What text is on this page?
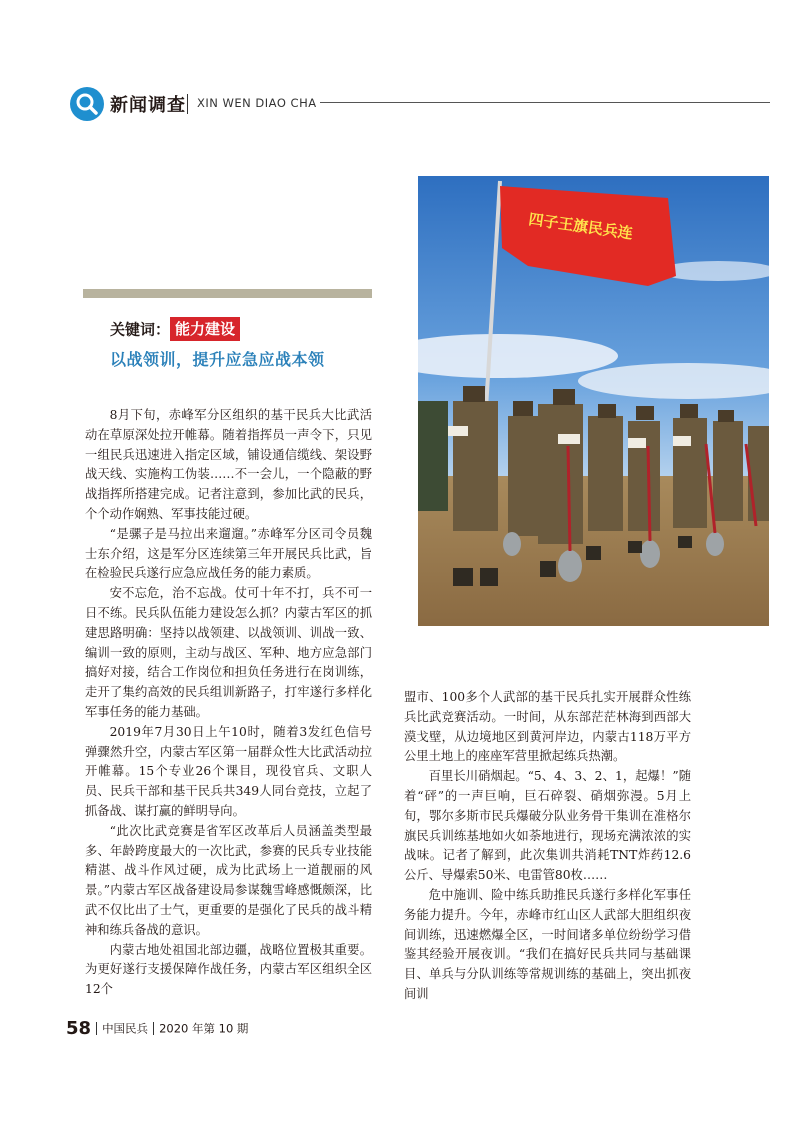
新闻调查 XIN WEN DIAO CHA
四子王旗民兵连
关键词： 能力建设
以战领训，提升应急应战本领

8月下旬，赤峰军分区组织的基干民兵大比武活动在草原深处拉开帷幕。随着指挥员一声令下，只见一组民兵迅速进入指定区域，铺设通信缆线、架设野战天线、实施构工伪装……不一会儿，一个隐蔽的野战指挥所搭建完成。记者注意到，参加比武的民兵，个个动作娴熟、军事技能过硬。

“是骡子是马拉出来遛遛。”赤峰军分区司令员魏士东介绍，这是军分区连续第三年开展民兵比武，旨在检验民兵遂行应急应战任务的能力素质。

安不忘危，治不忘战。仗可十年不打，兵不可一日不练。民兵队伍能力建设怎么抓？内蒙古军区的抓建思路明确：坚持以战领建、以战领训、训战一致、编训一致的原则，主动与战区、军种、地方应急部门搞好对接，结合工作岗位和担负任务进行在岗训练，走开了集约高效的民兵组训新路子，打牢遂行多样化军事任务的能力基础。

2019年7月30日上午10时，随着3发红色信号弹骤然升空，内蒙古军区第一届群众性大比武活动拉开帷幕。15个专业26个课目，现役官兵、文职人员、民兵干部和基干民兵共349人同台竞技，立起了抓备战、谋打赢的鲜明导向。

“此次比武竞赛是省军区改革后人员涵盖类型最多、年龄跨度最大的一次比武，参赛的民兵专业技能精湛、战斗作风过硬，成为比武场上一道靓丽的风景。”内蒙古军区战备建设局参谋魏雪峰感慨颇深，比武不仅比出了士气，更重要的是强化了民兵的战斗精神和练兵备战的意识。

内蒙古地处祖国北部边疆，战略位置极其重要。为更好遂行支援保障作战任务，内蒙古军区组织全区12个

盟市、100多个人武部的基干民兵扎实开展群众性练兵比武竞赛活动。一时间，从东部茫茫林海到西部大漠戈壁，从边境地区到黄河岸边，内蒙古118万平方公里土地上的座座军营里掀起练兵热潮。

百里长川硝烟起。“5、4、3、2、1，起爆！”随着“砰”的一声巨响，巨石碎裂、硝烟弥漫。5月上旬，鄂尔多斯市民兵爆破分队业务骨干集训在准格尔旗民兵训练基地如火如荼地进行，现场充满浓浓的实战味。记者了解到，此次集训共消耗TNT炸药12.6公斤、导爆索50米、电雷管80枚……

危中施训、险中练兵助推民兵遂行多样化军事任务能力提升。今年，赤峰市红山区人武部大胆组织夜间训练，迅速燃爆全区，一时间诸多单位纷纷学习借鉴其经验开展夜训。“我们在搞好民兵共同与基础课目、单兵与分队训练等常规训练的基础上，突出抓夜间训

58 中国民兵 2020 年第 10 期
